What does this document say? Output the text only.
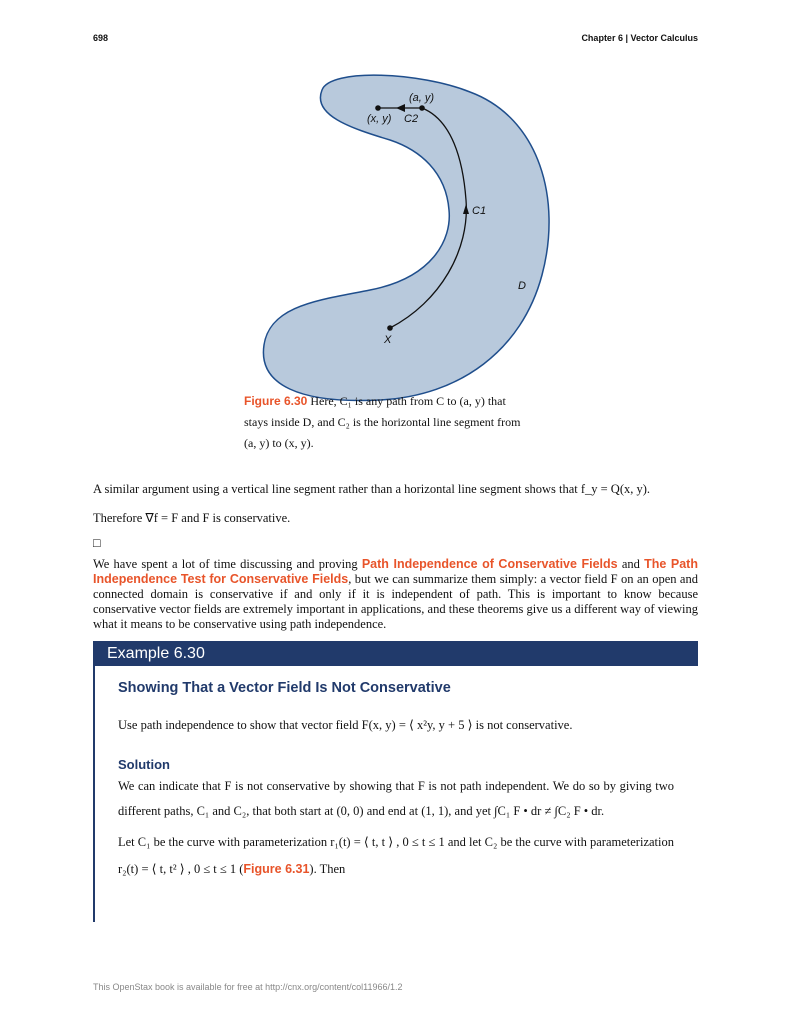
698	Chapter 6 | Vector Calculus
(a, y)
(x, y) C2
C1
D
X
Figure 6.30 Here, C₁ is any path from C to (a, y) that
stays inside D, and C₂ is the horizontal line segment from
(a, y) to (x, y).
A similar argument using a vertical line segment rather than a horizontal line segment shows that f_y = Q(x, y).
Therefore ∇f = F and F is conservative.
□
We have spent a lot of time discussing and proving Path Independence of Conservative Fields and The Path Independence Test for Conservative Fields, but we can summarize them simply: a vector field F on an open and connected domain is conservative if and only if it is independent of path. This is important to know because conservative vector fields are extremely important in applications, and these theorems give us a different way of viewing what it means to be conservative using path independence.
Example 6.30
Showing That a Vector Field Is Not Conservative
Use path independence to show that vector field F(x, y) = ⟨ x²y, y + 5 ⟩ is not conservative.
Solution
We can indicate that F is not conservative by showing that F is not path independent. We do so by giving two different paths, C₁ and C₂, that both start at (0, 0) and end at (1, 1), and yet ∫C₁ F • dr ≠ ∫C₂ F • dr.
Let C₁ be the curve with parameterization r₁(t) = ⟨ t, t ⟩ , 0 ≤ t ≤ 1 and let C₂ be the curve with parameterization r₂(t) = ⟨ t, t² ⟩ , 0 ≤ t ≤ 1 (Figure 6.31). Then
This OpenStax book is available for free at http://cnx.org/content/col11966/1.2
